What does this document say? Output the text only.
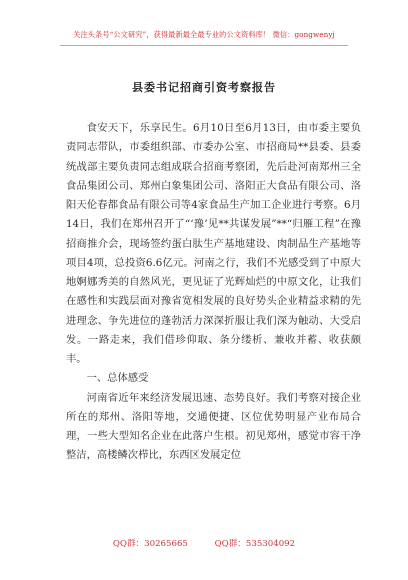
关注头条号“公文研究”，获得最新最全最专业的公文资料库！ 微信：gongwenyj
县委书记招商引资考察报告

食安天下，乐享民生。6月10日至6月13日，由市委主要负责同志带队，市委组织部、市委办公室、市招商局**县委、县委统战部主要负责同志组成联合招商考察团，先后赴河南郑州三全食品集团公司、郑州白象集团公司、洛阳正大食品有限公司、洛阳天伦春都食品有限公司等4家食品生产加工企业进行考察。6月14日，我们在郑州召开了“‘豫’见**共谋发展”**“归雁工程”在豫招商推介会，现场签约蛋白肽生产基地建设、肉制品生产基地等项目4项，总投资6.6亿元。河南之行，我们不光感受到了中原大地婀娜秀美的自然风光，更见证了光辉灿烂的中原文化，让我们在感性和实践层面对豫省宽相发展的良好势头企业精益求精的先进理念、争先进位的蓬勃活力深深折服让我们深为触动、大受启发。一路走来，我们借珍仰取、条分缕析、兼收并蓄、收获颇丰。

一、总体感受

河南省近年来经济发展迅速、态势良好。我们考察对接企业所在的郑州、洛阳等地，交通便捷、区位优势明显产业布局合理，一些大型知名企业在此落户生根。初见郑州，感觉市容干净整洁，高楼鳞次栉比，东西区发展定位

QQ群：30265665	QQ群：535304092
